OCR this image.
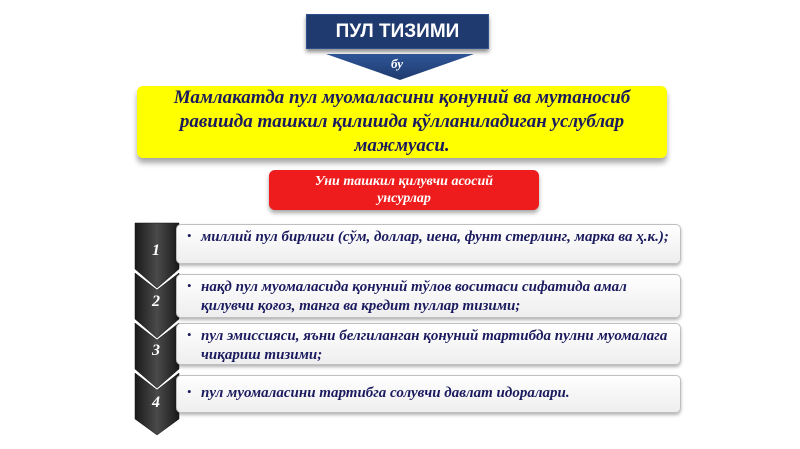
ПУЛ ТИЗИМИ
бу
Мамлакатда пул муомаласини қонуний ва мутаносиб равишда ташкил қилишда қўлланиладиган услублар мажмуаси.
Уни ташкил қилувчи асосий унсурлар
1
2
3
4
• миллий пул бирлиги (сўм, доллар, иена, фунт стерлинг, марка ва ҳ.к.);
• нақд пул муомаласида қонуний тўлов воситаси сифатида амал қилувчи қоғоз, танга ва кредит пуллар тизими;
• пул эмиссияси, яъни белгиланган қонуний тартибда пулни муомалага чиқариш тизими;
• пул муомаласини тартибга солувчи давлат идоралари.
